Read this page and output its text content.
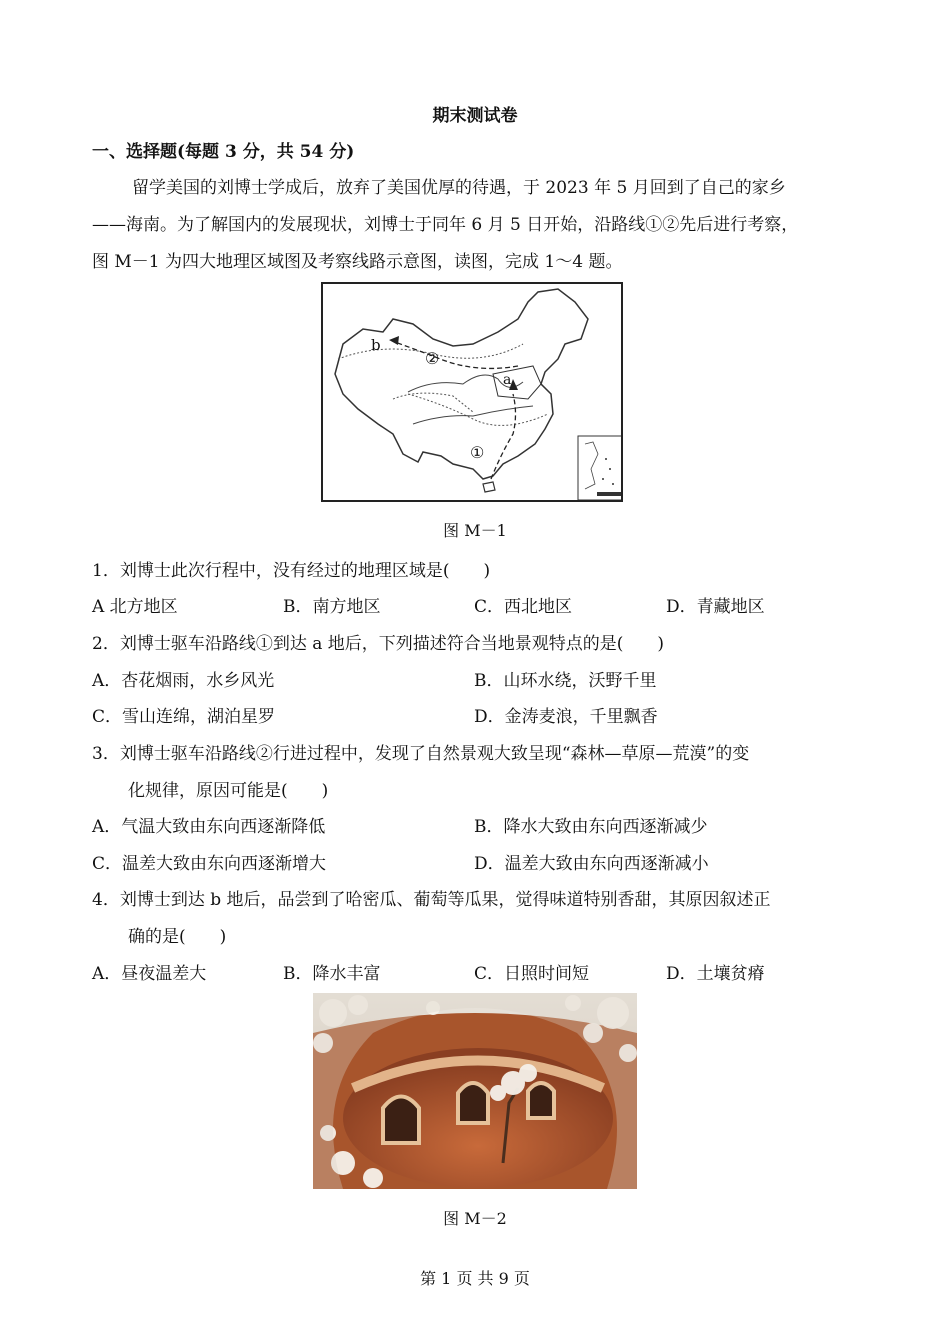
期末测试卷
一、选择题(每题 3 分，共 54 分)
留学美国的刘博士学成后，放弃了美国优厚的待遇，于 2023 年 5 月回到了自己的家乡
——海南。为了解国内的发展现状，刘博士于同年 6 月 5 日开始，沿路线①②先后进行考察，
图 M－1 为四大地理区域图及考察线路示意图，读图，完成 1～4 题。
b
②
a
①
图 M－1
1．刘博士此次行程中，没有经过的地理区域是(　　)
A 北方地区	B．南方地区	C．西北地区	D．青藏地区
2．刘博士驱车沿路线①到达 a 地后，下列描述符合当地景观特点的是(　　)
A．杏花烟雨，水乡风光	B．山环水绕，沃野千里
C．雪山连绵，湖泊星罗	D．金涛麦浪，千里飘香
3．刘博士驱车沿路线②行进过程中，发现了自然景观大致呈现“森林—草原—荒漠”的变
化规律，原因可能是(　　)
A．气温大致由东向西逐渐降低	B．降水大致由东向西逐渐减少
C．温差大致由东向西逐渐增大	D．温差大致由东向西逐渐减小
4．刘博士到达 b 地后，品尝到了哈密瓜、葡萄等瓜果，觉得味道特别香甜，其原因叙述正
确的是(　　)
A．昼夜温差大	B．降水丰富	C．日照时间短	D．土壤贫瘠
图 M－2
第 1 页 共 9 页
